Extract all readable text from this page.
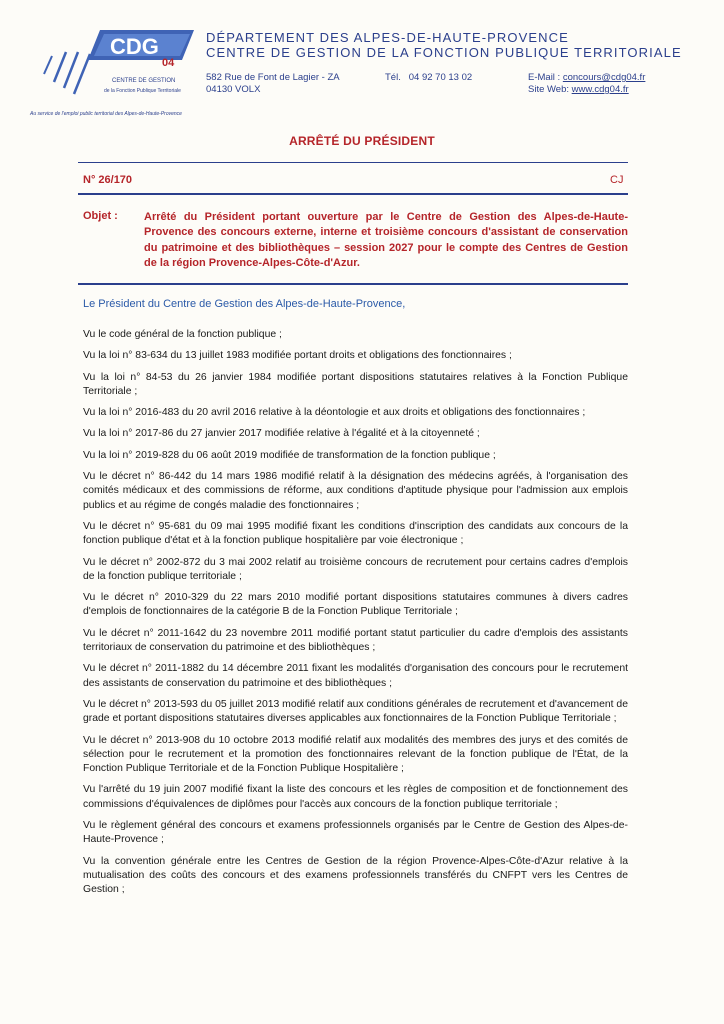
CDG
04
CENTRE DE GESTION
de la Fonction Publique Territoriale
Au service de l'emploi public territorial des Alpes-de-Haute-Provence
DÉPARTEMENT DES ALPES-DE-HAUTE-PROVENCE
CENTRE DE GESTION DE LA FONCTION PUBLIQUE TERRITORIALE
582 Rue de Font de Lagier - ZA
04130 VOLX
Tél. 04 92 70 13 02	E-Mail : concours@cdg04.fr
Site Web: www.cdg04.fr
ARRÊTÉ DU PRÉSIDENT
N° 26/170	CJ
Objet : Arrêté du Président portant ouverture par le Centre de Gestion des Alpes-de-Haute-Provence des concours externe, interne et troisième concours d'assistant de conservation du patrimoine et des bibliothèques – session 2027 pour le compte des Centres de Gestion de la région Provence-Alpes-Côte-d'Azur.
Le Président du Centre de Gestion des Alpes-de-Haute-Provence,

Vu le code général de la fonction publique ;

Vu la loi n° 83-634 du 13 juillet 1983 modifiée portant droits et obligations des fonctionnaires ;

Vu la loi n° 84-53 du 26 janvier 1984 modifiée portant dispositions statutaires relatives à la Fonction Publique Territoriale ;

Vu la loi n° 2016-483 du 20 avril 2016 relative à la déontologie et aux droits et obligations des fonctionnaires ;

Vu la loi n° 2017-86 du 27 janvier 2017 modifiée relative à l'égalité et à la citoyenneté ;

Vu la loi n° 2019-828 du 06 août 2019 modifiée de transformation de la fonction publique ;

Vu le décret n° 86-442 du 14 mars 1986 modifié relatif à la désignation des médecins agréés, à l'organisation des comités médicaux et des commissions de réforme, aux conditions d'aptitude physique pour l'admission aux emplois publics et au régime de congés maladie des fonctionnaires ;

Vu le décret n° 95-681 du 09 mai 1995 modifié fixant les conditions d'inscription des candidats aux concours de la fonction publique d'état et à la fonction publique hospitalière par voie électronique ;

Vu le décret n° 2002-872 du 3 mai 2002 relatif au troisième concours de recrutement pour certains cadres d'emplois de la fonction publique territoriale ;

Vu le décret n° 2010-329 du 22 mars 2010 modifié portant dispositions statutaires communes à divers cadres d'emplois de fonctionnaires de la catégorie B de la Fonction Publique Territoriale ;

Vu le décret n° 2011-1642 du 23 novembre 2011 modifié portant statut particulier du cadre d'emplois des assistants territoriaux de conservation du patrimoine et des bibliothèques ;

Vu le décret n° 2011-1882 du 14 décembre 2011 fixant les modalités d'organisation des concours pour le recrutement des assistants de conservation du patrimoine et des bibliothèques ;

Vu le décret n° 2013-593 du 05 juillet 2013 modifié relatif aux conditions générales de recrutement et d'avancement de grade et portant dispositions statutaires diverses applicables aux fonctionnaires de la Fonction Publique Territoriale ;

Vu le décret n° 2013-908 du 10 octobre 2013 modifié relatif aux modalités des membres des jurys et des comités de sélection pour le recrutement et la promotion des fonctionnaires relevant de la fonction publique de l'État, de la Fonction Publique Territoriale et de la Fonction Publique Hospitalière ;

Vu l'arrêté du 19 juin 2007 modifié fixant la liste des concours et les règles de composition et de fonctionnement des commissions d'équivalences de diplômes pour l'accès aux concours de la fonction publique territoriale ;

Vu le règlement général des concours et examens professionnels organisés par le Centre de Gestion des Alpes-de-Haute-Provence ;

Vu la convention générale entre les Centres de Gestion de la région Provence-Alpes-Côte-d'Azur relative à la mutualisation des coûts des concours et des examens professionnels transférés du CNFPT vers les Centres de Gestion ;
